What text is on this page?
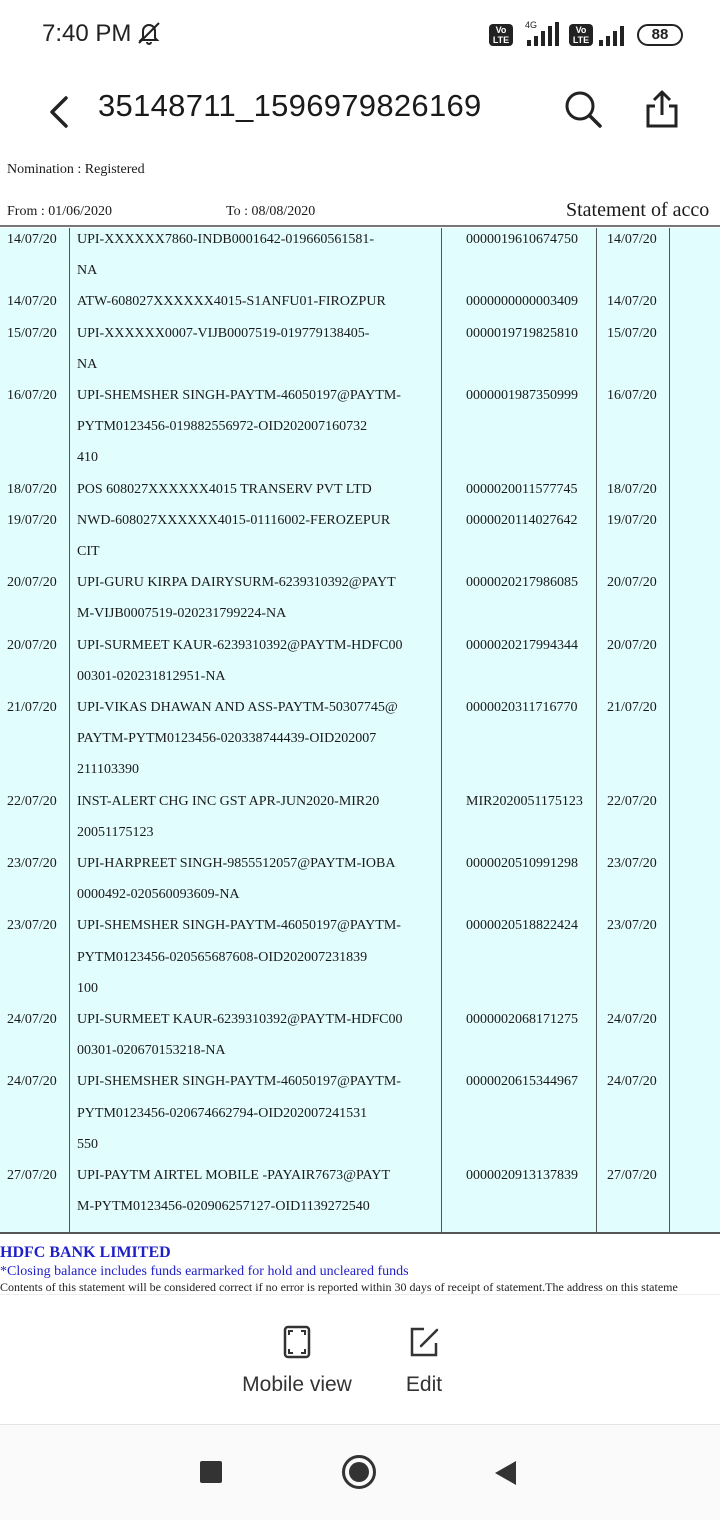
7:40 PM	Vo
LTE
4G	Vo
LTE	88
35148711_1596979826169
Nomination : Registered
From : 01/06/2020	To : 08/08/2020	Statement of acco
14/07/20 UPI-XXXXXX7860-INDB0001642-019660561581-
NA
0000019610674750 14/07/20
14/07/20 ATW-608027XXXXXX4015-S1ANFU01-FIROZPUR	0000000000003409 14/07/20
15/07/20 UPI-XXXXXX0007-VIJB0007519-019779138405-
NA
0000019719825810 15/07/20
16/07/20 UPI-SHEMSHER SINGH-PAYTM-46050197@PAYTM-
PYTM0123456-019882556972-OID202007160732
410
0000001987350999 16/07/20
18/07/20 POS 608027XXXXXX4015 TRANSERV PVT LTD	0000020011577745 18/07/20
19/07/20 NWD-608027XXXXXX4015-01116002-FEROZEPUR
CIT
0000020114027642 19/07/20
20/07/20 UPI-GURU KIRPA DAIRYSURM-6239310392@PAYT
M-VIJB0007519-020231799224-NA
0000020217986085 20/07/20
20/07/20 UPI-SURMEET KAUR-6239310392@PAYTM-HDFC00
00301-020231812951-NA
0000020217994344 20/07/20
21/07/20 UPI-VIKAS DHAWAN AND ASS-PAYTM-50307745@
PAYTM-PYTM0123456-020338744439-OID202007
211103390
0000020311716770 21/07/20
22/07/20 INST-ALERT CHG INC GST APR-JUN2020-MIR20
20051175123
MIR2020051175123 22/07/20
23/07/20 UPI-HARPREET SINGH-9855512057@PAYTM-IOBA
0000492-020560093609-NA
0000020510991298 23/07/20
23/07/20 UPI-SHEMSHER SINGH-PAYTM-46050197@PAYTM-
PYTM0123456-020565687608-OID202007231839
100
0000020518822424 23/07/20
24/07/20 UPI-SURMEET KAUR-6239310392@PAYTM-HDFC00
00301-020670153218-NA
0000002068171275 24/07/20
24/07/20 UPI-SHEMSHER SINGH-PAYTM-46050197@PAYTM-
PYTM0123456-020674662794-OID202007241531
550
0000020615344967 24/07/20
27/07/20 UPI-PAYTM AIRTEL MOBILE -PAYAIR7673@PAYT
M-PYTM0123456-020906257127-OID1139272540
0000020913137839 27/07/20
HDFC BANK LIMITED
*Closing balance includes funds earmarked for hold and uncleared funds
Contents of this statement will be considered correct if no error is reported within 30 days of receipt of statement.The address on this stateme
Mobile view	Edit
